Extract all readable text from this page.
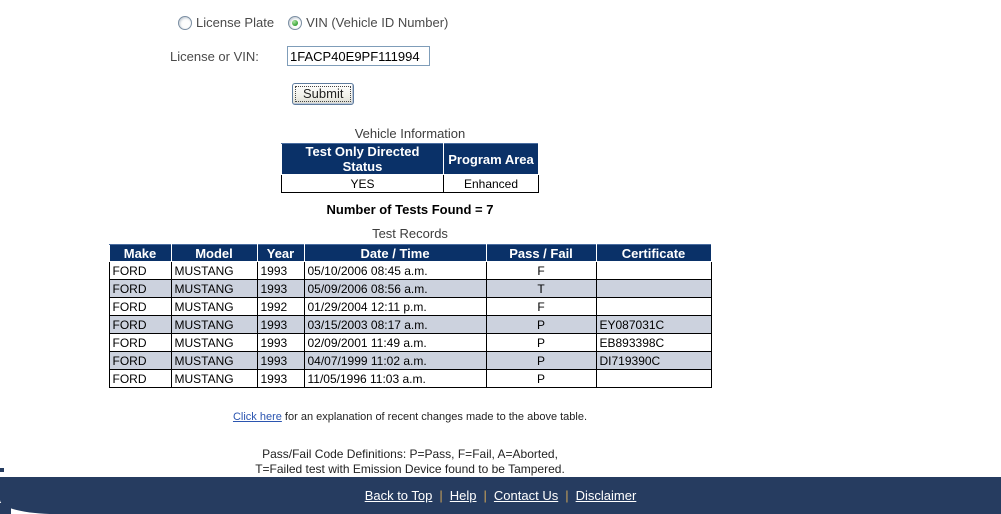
License Plate VIN (Vehicle ID Number)
License or VIN:
1FACP40E9PF111994
Submit
Vehicle Information
Test Only Directed Status	Program Area
YES	Enhanced
Number of Tests Found = 7
Test Records
Make	Model	Year	Date / Time	Pass / Fail	Certificate
FORD	MUSTANG	1993	05/10/2006 08:45 a.m.	F	
FORD	MUSTANG	1993	05/09/2006 08:56 a.m.	T	
FORD	MUSTANG	1992	01/29/2004 12:11 p.m.	F	
FORD	MUSTANG	1993	03/15/2003 08:17 a.m.	P	EY087031C
FORD	MUSTANG	1993	02/09/2001 11:49 a.m.	P	EB893398C
FORD	MUSTANG	1993	04/07/1999 11:02 a.m.	P	DI719390C
FORD	MUSTANG	1993	11/05/1996 11:03 a.m.	P	
Click here for an explanation of recent changes made to the above table.
Pass/Fail Code Definitions: P=Pass, F=Fail, A=Aborted,
T=Failed test with Emission Device found to be Tampered.
Back to Top | Help | Contact Us | Disclaimer
